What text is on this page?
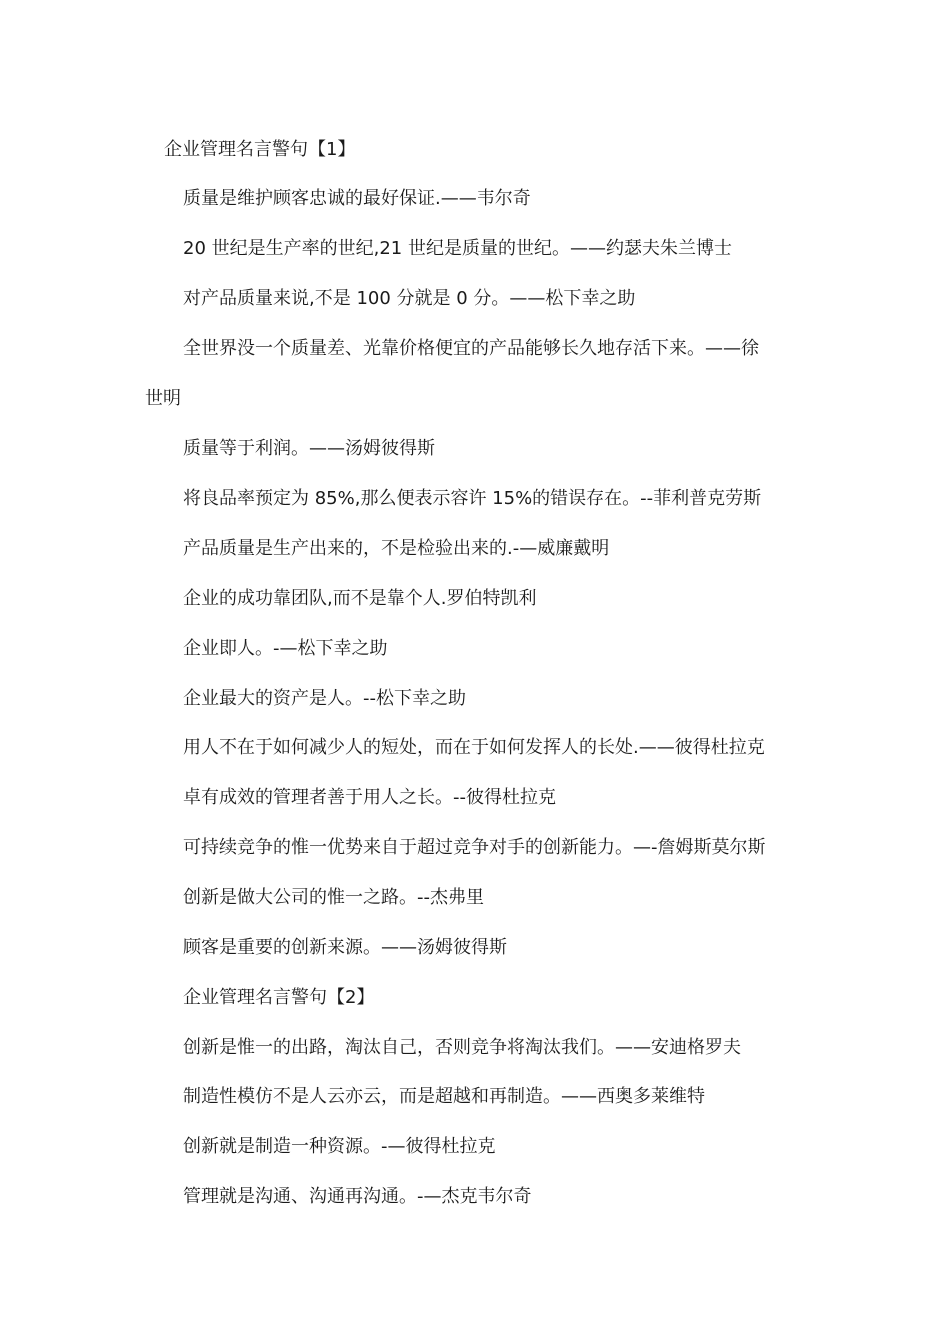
企业管理名言警句【1】
质量是维护顾客忠诚的最好保证.——韦尔奇
20 世纪是生产率的世纪,21 世纪是质量的世纪。——约瑟夫朱兰博士
对产品质量来说,不是 100 分就是 0 分。——松下幸之助
全世界没一个质量差、光靠价格便宜的产品能够长久地存活下来。——徐
世明
质量等于利润。——汤姆彼得斯
将良品率预定为 85%,那么便表示容许 15%的错误存在。--菲利普克劳斯
产品质量是生产出来的，不是检验出来的.-—威廉戴明
企业的成功靠团队,而不是靠个人.罗伯特凯利
企业即人。-—松下幸之助
企业最大的资产是人。--松下幸之助
用人不在于如何减少人的短处，而在于如何发挥人的长处.——彼得杜拉克
卓有成效的管理者善于用人之长。--彼得杜拉克
可持续竞争的惟一优势来自于超过竞争对手的创新能力。—-詹姆斯莫尔斯
创新是做大公司的惟一之路。--杰弗里
顾客是重要的创新来源。——汤姆彼得斯
企业管理名言警句【2】
创新是惟一的出路，淘汰自己，否则竞争将淘汰我们。——安迪格罗夫
制造性模仿不是人云亦云，而是超越和再制造。——西奥多莱维特
创新就是制造一种资源。-—彼得杜拉克
管理就是沟通、沟通再沟通。-—杰克韦尔奇
